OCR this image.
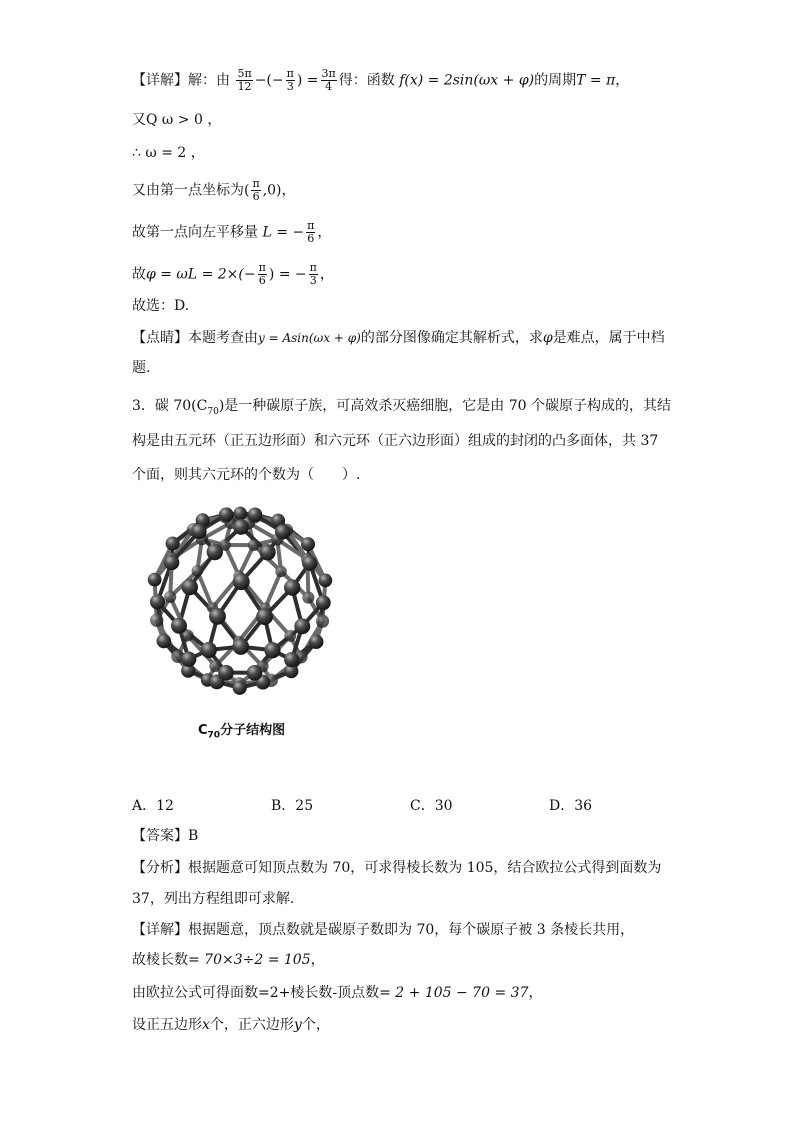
【详解】解：由 $\frac{5\pi}{12}$ −(− $\frac{\pi}{3}$ ) = $\frac{3\pi}{4}$ 得：函数 f(x) = 2sin(ωx + φ)的周期T = π，
又Q ω > 0 ，
∴ ω = 2 ，
又由第一点坐标为( $\frac{\pi}{6} ,0$)，
故第一点向左平移量 L = − $\frac{\pi}{6}$ ，
故$\varphi = \omega L = 2\times(- \frac{\pi}{6}$ ) = − $\frac{\pi}{3}$ ，
故选：D.
【点睛】本题考查由y = Asin(ωx + φ)的部分图像确定其解析式，求φ是难点，属于中档
题.
3．碳 $70(C_{70})$是一种碳原子族，可高效杀灭癌细胞，它是由 70 个碳原子构成的，其结
构是由五元环（正五边形面）和六元环（正六边形面）组成的封闭的凸多面体，共 37
个面，则其六元环的个数为（　　）.
$C_{70}$分子结构图
A．12	B．25	C．30	D．36
【答案】B
【分析】根据题意可知顶点数为 70，可求得棱长数为 105，结合欧拉公式得到面数为
37，列出方程组即可求解.
【详解】根据题意，顶点数就是碳原子数即为 70，每个碳原子被 3 条棱长共用，
故棱长数= 70×3÷2 = 105，
由欧拉公式可得面数=2+棱长数-顶点数= 2 + 105 − 70 = 37，
设正五边形x个，正六边形y个，
